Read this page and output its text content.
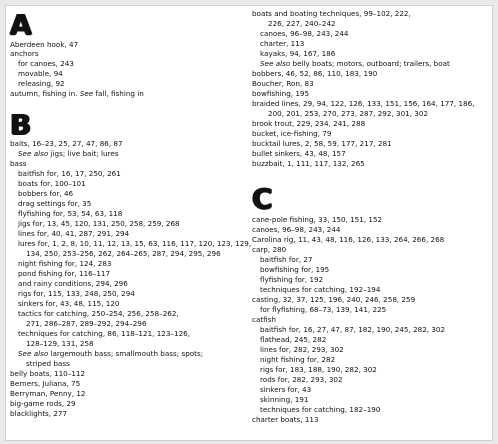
A
Aberdeen hook, 47
anchors
for canoes, 243
movable, 94
releasing, 92
autumn, fishing in. See fall, fishing in
B
baits, 16–23, 25, 27, 47, 86, 87
See also jigs; live bait; lures
bass
baitfish for, 16, 17, 250, 261
boats for, 100–101
bobbers for, 46
drag settings for, 35
flyfishing for, 53, 54, 63, 118
jigs for, 13, 45, 120, 131, 250, 258, 259, 268
lines for, 40, 41, 287, 291, 294
lures for, 1, 2, 8, 10, 11, 12, 13, 15, 63, 116, 117, 120, 123, 129,
134, 250, 253–256, 262, 264–265, 287, 294, 295, 296
night fishing for, 124, 283
pond fishing for, 116–117
and rainy conditions, 294, 296
rigs for, 115, 133, 248, 250, 294
sinkers for, 43, 48, 115, 120
tactics for catching, 250–254, 256, 258–262,
271, 286–287, 289–292, 294–296
techniques for catching, 86, 118–121, 123–126,
128–129, 131, 258
See also largemouth bass; smallmouth bass; spots;
striped bass
belly boats, 110–112
Berners, Juliana, 75
Berryman, Penny, 12
big-game rods, 29
blacklights, 277
boats and boating techniques, 99–102, 222,
226, 227, 240–242
canoes, 96–98, 243, 244
charter, 113
kayaks, 94, 167, 186
See also belly boats; motors, outboard; trailers, boat
bobbers, 46, 52, 86, 110, 183, 190
Boucher, Ron, 83
bowfishing, 195
braided lines, 29, 94, 122, 126, 133, 151, 156, 164, 177, 186,
200, 201, 253, 270, 273, 287, 292, 301, 302
brook trout, 229, 234, 241, 288
bucket, ice-fishing, 79
bucktail lures, 2, 58, 59, 177, 217, 281
bullet sinkers, 43, 48, 157
buzzbait, 1, 111, 117, 132, 265
C
cane-pole fishing, 33, 150, 151, 152
canoes, 96–98, 243, 244
Carolina rig, 11, 43, 48, 116, 126, 133, 264, 266, 268
carp, 280
baitfish for, 27
bowfishing for, 195
flyfishing for, 192
techniques for catching, 192–194
casting, 32, 37, 125, 196, 240, 246, 258, 259
for flyfishing, 68–73, 139, 141, 225
catfish
baitfish for, 16, 27, 47, 87, 182, 190, 245, 282, 302
flathead, 245, 282
lines for, 282, 293, 302
night fishing for, 282
rigs for, 183, 188, 190, 282, 302
rods for, 282, 293, 302
sinkers for, 43
skinning, 191
techniques for catching, 182–190
charter boats, 113
